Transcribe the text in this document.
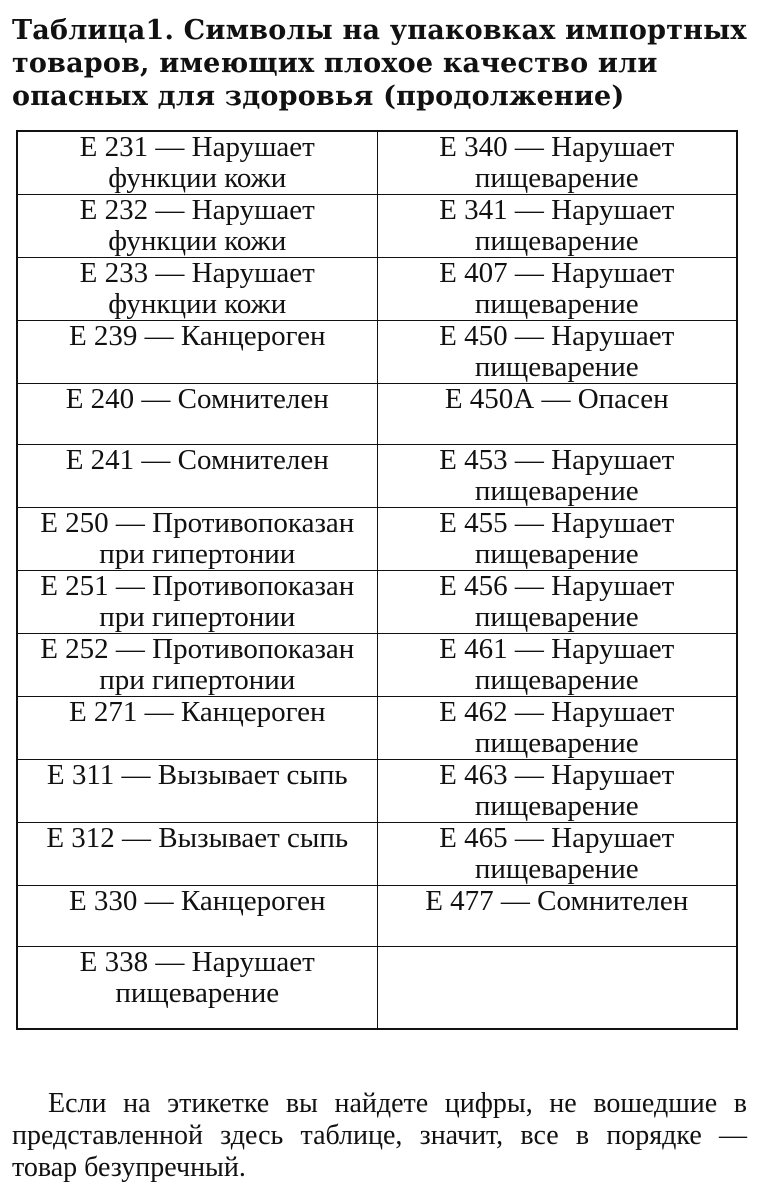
Таблица1. Символы на упаковках импортных товаров, имеющих плохое качество или опасных для здоровья (продолжение)
Е 231 — Нарушает функции кожи	Е 340 — Нарушает пищеварение
Е 232 — Нарушает функции кожи	Е 341 — Нарушает пищеварение
Е 233 — Нарушает функции кожи	Е 407 — Нарушает пищеварение
Е 239 — Канцероген	Е 450 — Нарушает пищеварение
Е 240 — Сомнителен	Е 450А — Опасен
Е 241 — Сомнителен	Е 453 — Нарушает пищеварение
Е 250 — Противопоказан при гипертонии	Е 455 — Нарушает пищеварение
Е 251 — Противопоказан при гипертонии	Е 456 — Нарушает пищеварение
Е 252 — Противопоказан при гипертонии	Е 461 — Нарушает пищеварение
Е 271 — Канцероген	Е 462 — Нарушает пищеварение
Е 311 — Вызывает сыпь	Е 463 — Нарушает пищеварение
Е 312 — Вызывает сыпь	Е 465 — Нарушает пищеварение
Е 330 — Канцероген	Е 477 — Сомнителен
Е 338 — Нарушает пищеварение	

Если на этикетке вы найдете цифры, не вошедшие в представленной здесь таблице, значит, все в порядке — товар безупречный.
